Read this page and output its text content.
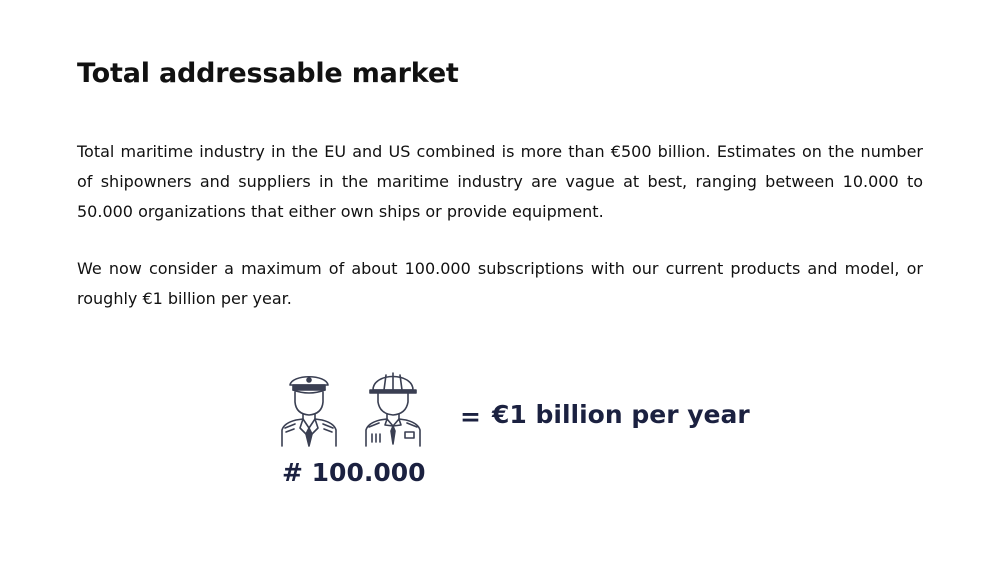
Total addressable market

Total maritime industry in the EU and US combined is more than €500 billion. Estimates on the number of shipowners and suppliers in the maritime industry are vague at best, ranging between 10.000 to 50.000 organizations that either own ships or provide equipment.

We now consider a maximum of about 100.000 subscriptions with our current products and model, or roughly €1 billion per year.

= €1 billion per year
# 100.000
